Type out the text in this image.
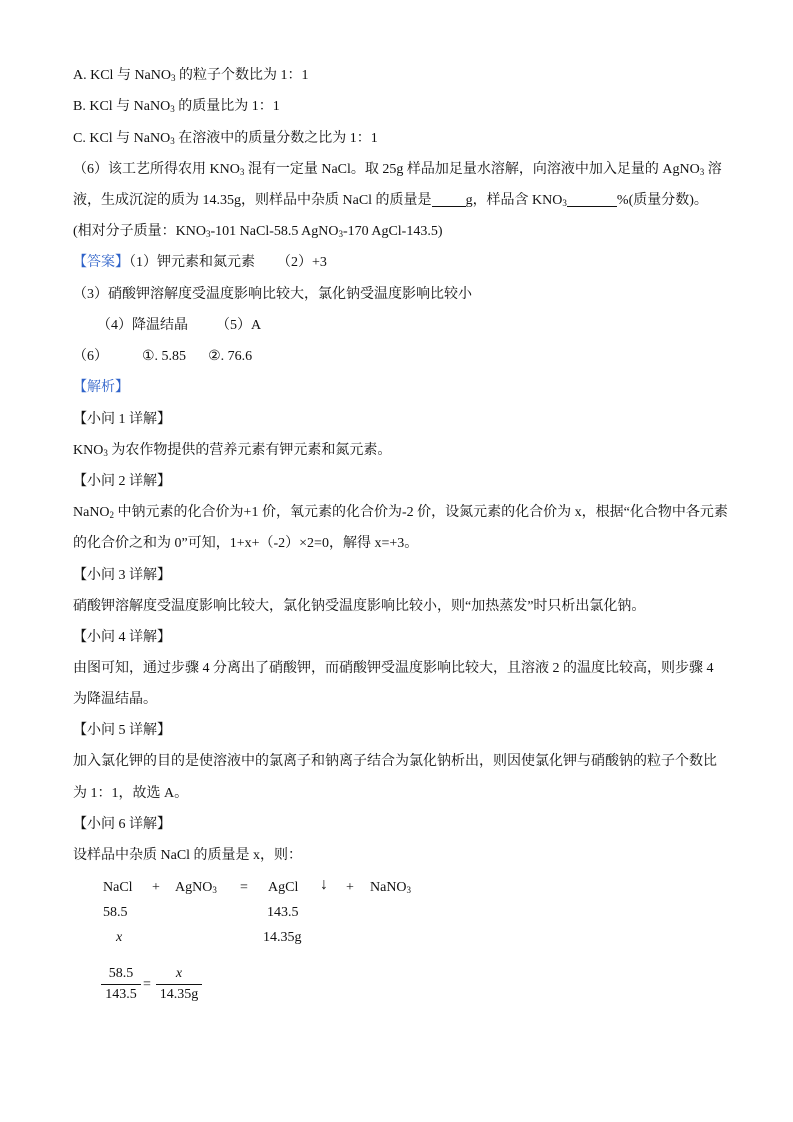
A. KCl 与 NaNO$_3$ 的粒子个数比为 1：1
B. KCl 与 NaNO$_3$ 的质量比为 1：1
C. KCl 与 NaNO$_3$ 在溶液中的质量分数之比为 1：1
（6）该工艺所得农用 $KNO_3$ 混有一定量 NaCl。取 25g 样品加足量水溶解，向溶液中加入足量的 AgNO$_3$ 溶
液，生成沉淀的质为 14.35g，则样品中杂质 NaCl 的质量是 g，样品含 $KNO_3$	%(质量分数)。
(相对分子质量：$KNO_3-101$ NaCl-58.5 AgNO$_3$-170 AgCl-143.5)
【答案】（1）钾元素和氮元素 （2）+3
（3）硝酸钾溶解度受温度影响比较大，氯化钠受温度影响比较小
（4）降温结晶        （5）A
（6） ①. 5.85 ②. 76.6
【解析】
【小问 1 详解】
$KNO_3$ 为农作物提供的营养元素有钾元素和氮元素。
【小问 2 详解】
NaNO$_2$ 中钠元素的化合价为+1 价，氧元素的化合价为-2 价，设氮元素的化合价为 x，根据“化合物中各元素
的化合价之和为 0”可知，1+x+（-2）×2=0，解得 x=+3。
【小问 3 详解】
硝酸钾溶解度受温度影响比较大，氯化钠受温度影响比较小，则“加热蒸发”时只析出氯化钠。
【小问 4 详解】
由图可知，通过步骤 4 分离出了硝酸钾，而硝酸钾受温度影响比较大，且溶液 2 的温度比较高，则步骤 4
为降温结晶。
【小问 5 详解】
加入氯化钾的目的是使溶液中的氯离子和钠离子结合为氯化钠析出，则因使氯化钾与硝酸钠的粒子个数比
为 1：1，故选 A。
【小问 6 详解】
设样品中杂质 NaCl 的质量是 x，则：
NaCl + AgNO$_3$ = AgCl ↓ + NaNO$_3$
58.5	143.5
x	14.35g
58.5
143.5
=
x
14.35g
